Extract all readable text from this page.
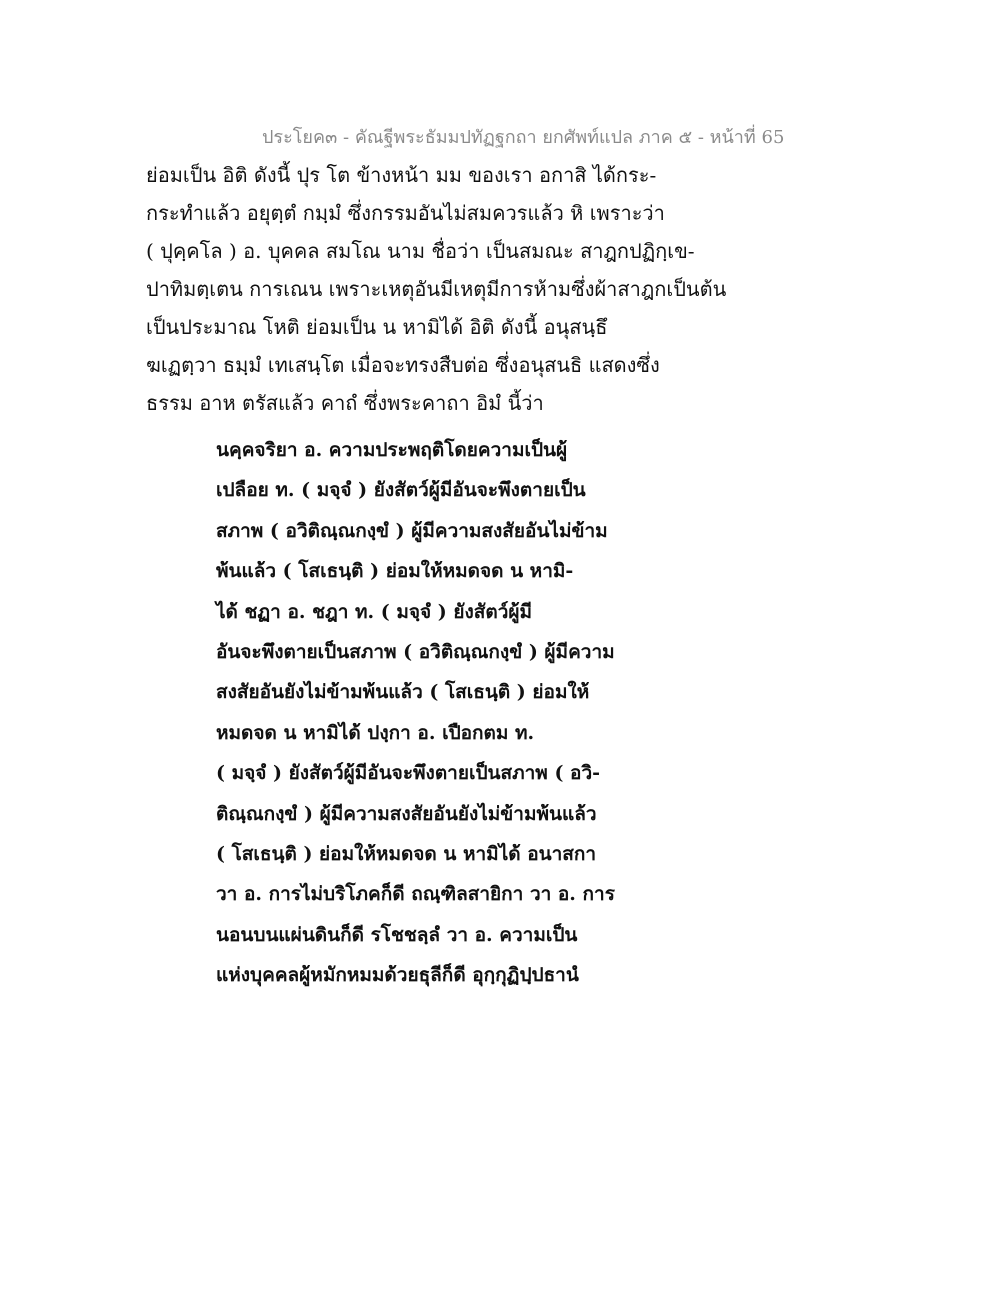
ประโยค๓ - คัณฐีพระธัมมปทัฏฐกถา ยกศัพท์แปล ภาค ๕ - หน้าที่ 65
ย่อมเป็น อิติ ดังนี้ ปุร โต ข้างหน้า มม ของเรา อกาสิ ได้กระ-
กระทำแล้ว อยุตฺตํ กมฺมํ ซึ่งกรรมอันไม่สมควรแล้ว หิ เพราะว่า
( ปุคฺคโล ) อ. บุคคล สมโณ นาม ชื่อว่า เป็นสมณะ สาฎกปฏิกฺเข-
ปาทิมตฺเตน การเณน เพราะเหตุอันมีเหตุมีการห้ามซึ่งผ้าสาฎกเป็นต้น
เป็นประมาณ โหติ ย่อมเป็น น หามิได้ อิติ ดังนี้ อนุสนฺธึ
ฆเฏตฺวา ธมฺมํ เทเสนฺโต เมื่อจะทรงสืบต่อ ซึ่งอนุสนธิ แสดงซึ่ง
ธรรม อาห ตรัสแล้ว คาถํ ซึ่งพระคาถา อิมํ นี้ว่า
นคฺคจริยา อ. ความประพฤติโดยความเป็นผู้
เปลือย ท. ( มจฺจํ ) ยังสัตว์ผู้มีอันจะพึงตายเป็น
สภาพ ( อวิติณฺณกงฺขํ ) ผู้มีความสงสัยอันไม่ข้าม
พ้นแล้ว ( โสเธนฺติ ) ย่อมให้หมดจด น หามิ-
ได้ ชฏา อ. ชฎา ท. ( มจฺจํ ) ยังสัตว์ผู้มี
อันจะพึงตายเป็นสภาพ ( อวิติณฺณกงฺขํ ) ผู้มีความ
สงสัยอันยังไม่ข้ามพ้นแล้ว ( โสเธนฺติ ) ย่อมให้
หมดจด น หามิได้ ปงฺกา อ. เปือกตม ท.
( มจฺจํ ) ยังสัตว์ผู้มีอันจะพึงตายเป็นสภาพ ( อวิ-
ติณฺณกงฺขํ ) ผู้มีความสงสัยอันยังไม่ข้ามพ้นแล้ว
( โสเธนฺติ ) ย่อมให้หมดจด น หามิได้ อนาสกา
วา อ. การไม่บริโภคก็ดี ถณฺฑิลสายิกา วา อ. การ
นอนบนแผ่นดินก็ดี รโชชลฺลํ วา อ. ความเป็น
แห่งบุคคลผู้หมักหมมด้วยธุลีก็ดี อุกฺกุฏิปฺปธานํ
